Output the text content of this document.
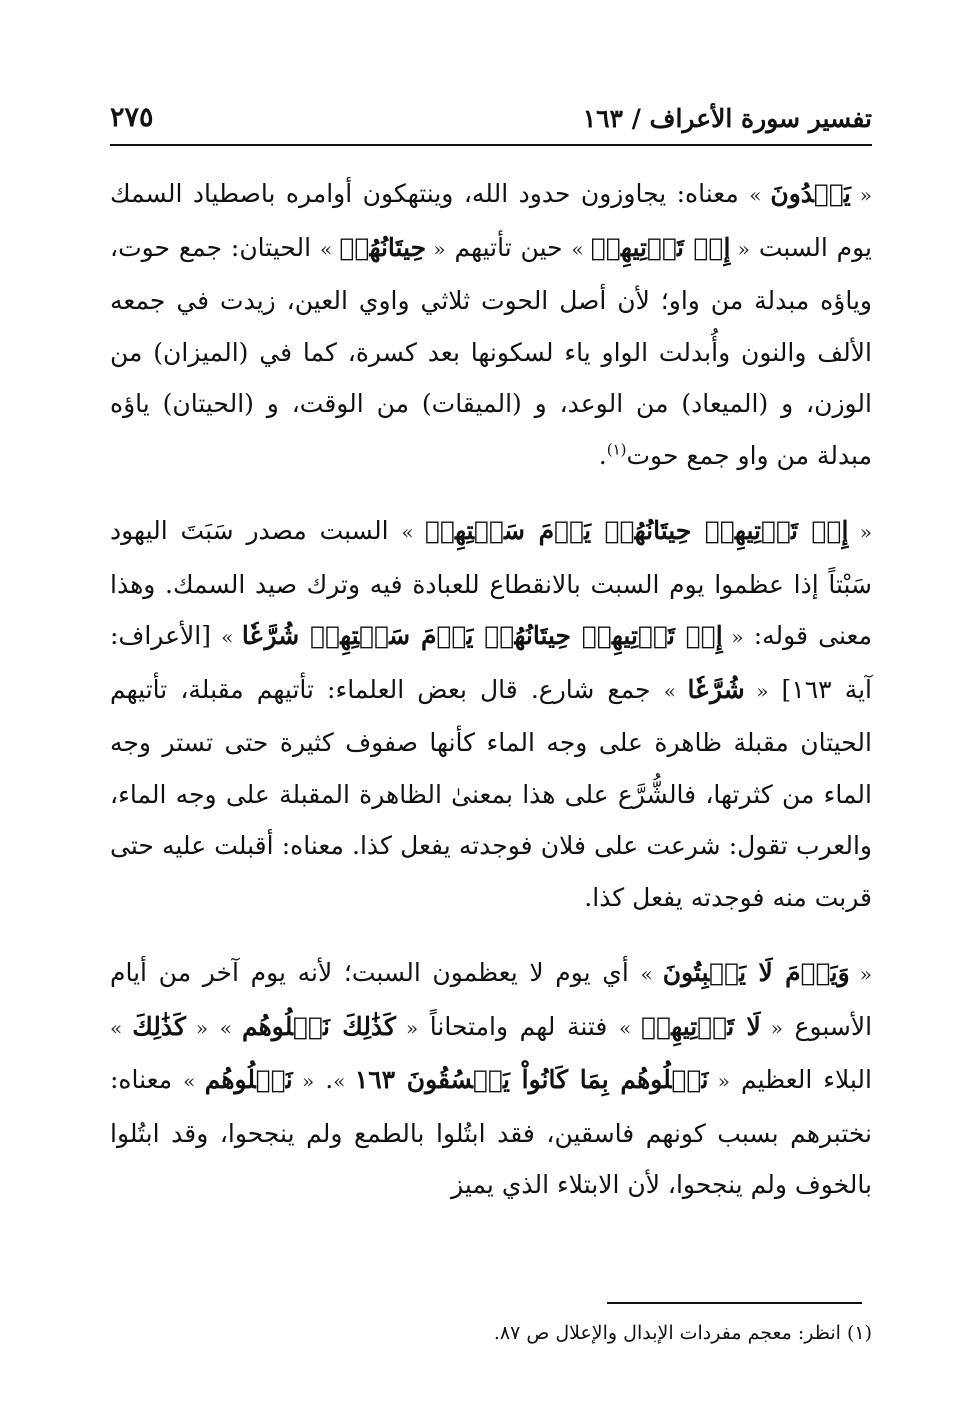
تفسير سورة الأعراف / ١٦٣
٢٧٥

« يَعۡدُونَ » معناه: يجاوزون حدود الله، وينتهكون أوامره باصطياد السمك يوم السبت « إِذۡ تَأۡتِيهِمۡ » حين تأتيهم « حِيتَانُهُمۡ » الحيتان: جمع حوت، وياؤه مبدلة من واو؛ لأن أصل الحوت ثلاثي واوي العين، زيدت في جمعه الألف والنون وأُبدلت الواو ياء لسكونها بعد كسرة، كما في (الميزان) من الوزن، و (الميعاد) من الوعد، و (الميقات) من الوقت، و (الحيتان) ياؤه مبدلة من واو جمع حوت$^{(١)}$.

« إِذۡ تَأۡتِيهِمۡ حِيتَانُهُمۡ يَوۡمَ سَبۡتِهِمۡ » السبت مصدر سَبَتَ اليهود سَبْتاً إذا عظموا يوم السبت بالانقطاع للعبادة فيه وترك صيد السمك. وهذا معنى قوله: « إِذۡ تَأۡتِيهِمۡ حِيتَانُهُمۡ يَوۡمَ سَبۡتِهِمۡ شُرَّعٗا » [الأعراف: آية ١٦٣] « شُرَّعٗا » جمع شارع. قال بعض العلماء: تأتيهم مقبلة، تأتيهم الحيتان مقبلة ظاهرة على وجه الماء كأنها صفوف كثيرة حتى تستر وجه الماء من كثرتها، فالشُّرَّع على هذا بمعنىٰ الظاهرة المقبلة على وجه الماء، والعرب تقول: شرعت على فلان فوجدته يفعل كذا. معناه: أقبلت عليه حتى قربت منه فوجدته يفعل كذا.

« وَيَوۡمَ لَا يَسۡبِتُونَ » أي يوم لا يعظمون السبت؛ لأنه يوم آخر من أيام الأسبوع « لَا تَأۡتِيهِمۡ » فتنة لهم وامتحاناً « كَذَٰلِكَ نَبۡلُوهُم » « كَذَٰلِكَ » البلاء العظيم « نَبۡلُوهُم بِمَا كَانُواْ يَفۡسُقُونَ ١٦٣ ». « نَبۡلُوهُم » معناه: نختبرهم بسبب كونهم فاسقين، فقد ابتُلوا بالطمع ولم ينجحوا، وقد ابتُلوا بالخوف ولم ينجحوا، لأن الابتلاء الذي يميز

(١) انظر: معجم مفردات الإبدال والإعلال ص ٨٧.
